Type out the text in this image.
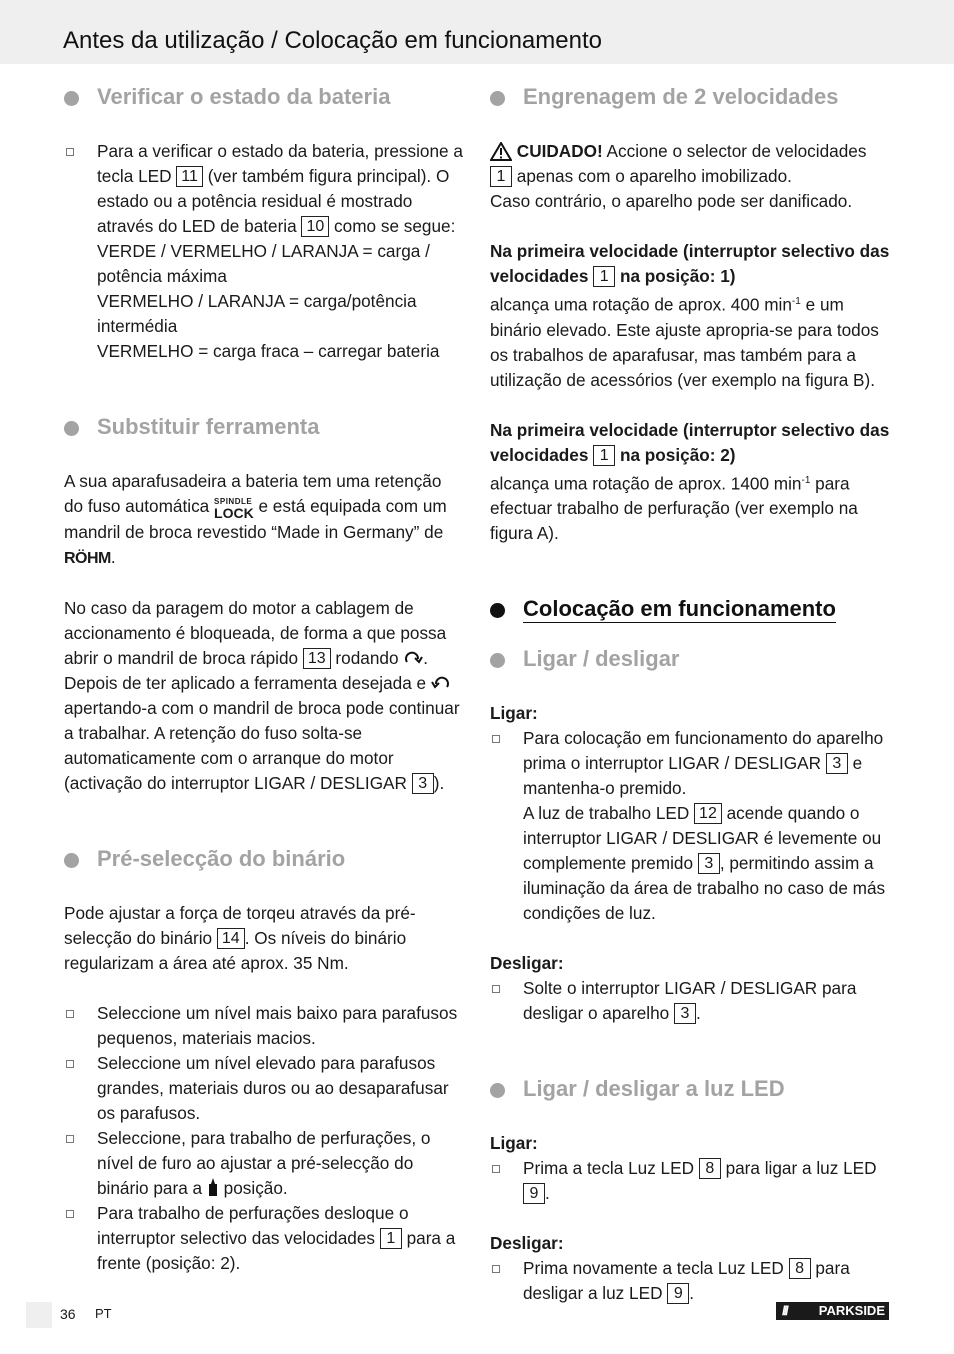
Antes da utilização / Colocação em funcionamento
Verificar o estado da bateria
Para a verificar o estado da bateria, pressione a tecla LED 11 (ver também figura principal). O estado ou a potência residual é mostrado através do LED de bateria 10 como se segue:
VERDE / VERMELHO / LARANJA = carga / potência máxima
VERMELHO / LARANJA = carga/potência intermédia
VERMELHO = carga fraca – carregar bateria
Substituir ferramenta
A sua aparafusadeira a bateria tem uma retenção do fuso automática SPINDLE
LOCK e está equipada com um mandril de broca revestido “Made in Germany” de RÖHM.
No caso da paragem do motor a cablagem de accionamento é bloqueada, de forma a que possa abrir o mandril de broca rápido 13 rodando . Depois de ter aplicado a ferramenta desejada e  apertando-a com o mandril de broca pode continuar a trabalhar. A retenção do fuso solta-se automaticamente com o arranque do motor (activação do interruptor LIGAR / DESLIGAR 3 ).
Pré-selecção do binário
Pode ajustar a força de torqeu através da pré-selecção do binário 14 . Os níveis do binário regularizam a área até aprox. 35 Nm.
Seleccione um nível mais baixo para parafusos pequenos, materiais macios.
Seleccione um nível elevado para parafusos grandes, materiais duros ou ao desaparafusar os parafusos.
Seleccione, para trabalho de perfurações, o nível de furo ao ajustar a pré-selecção do binário para a posição.
Para trabalho de perfurações desloque o interruptor selectivo das velocidades 1 para a frente (posição: 2).
Engrenagem de 2 velocidades
CUIDADO! Accione o selector de velocidades 1 apenas com o aparelho imobilizado.
Caso contrário, o aparelho pode ser danificado.
Na primeira velocidade (interruptor selectivo das velocidades 1 na posição: 1)
alcança uma rotação de aprox. 400 $\min^{-1} e$ um binário elevado. Este ajuste apropria-se para todos os trabalhos de aparafusar, mas também para a utilização de acessórios (ver exemplo na figura B).
Na primeira velocidade (interruptor selectivo das velocidades 1 na posição: 2)
alcança uma rotação de aprox. 1400 $\min^{-1}$ para efectuar trabalho de perfuração (ver exemplo na figura A).
Colocação em funcionamento
Ligar / desligar
Ligar:
Para colocação em funcionamento do aparelho prima o interruptor LIGAR / DESLIGAR 3 e mantenha-o premido.
A luz de trabalho LED 12 acende quando o interruptor LIGAR / DESLIGAR é levemente ou complemente premido 3 , permitindo assim a iluminação da área de trabalho no caso de más condições de luz.
Desligar:
Solte o interruptor LIGAR / DESLIGAR para desligar o aparelho 3 .
Ligar / desligar a luz LED
Ligar:
Prima a tecla Luz LED 8 para ligar a luz LED 9 .
Desligar:
Prima novamente a tecla Luz LED 8 para desligar a luz LED 9 .
36 PT	/// PARKSIDE
